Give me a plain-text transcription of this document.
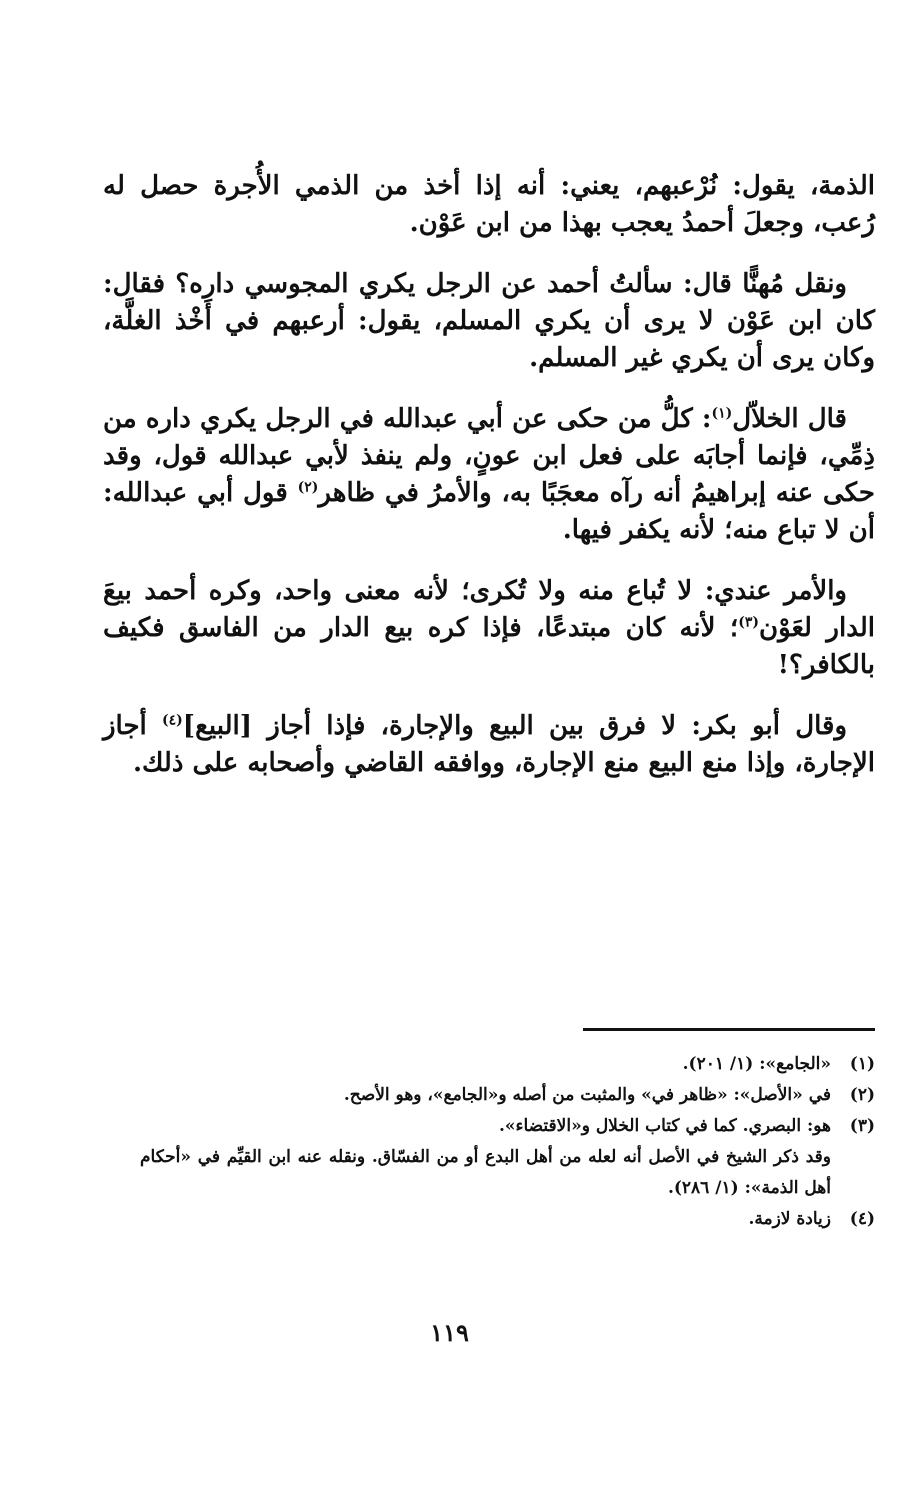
الذمة، يقول: نُرْعبهم، يعني: أنه إذا أخذ من الذمي الأُجرة حصل له رُعب، وجعلَ أحمدُ يعجب بهذا من ابن عَوْن.

ونقل مُهنًّا قال: سألتُ أحمد عن الرجل يكري المجوسي داره؟ فقال: كان ابن عَوْن لا يرى أن يكري المسلم، يقول: أرعبهم في أَخْذ الغلَّة، وكان يرى أن يكري غير المسلم.

قال الخلاّل$^{(١)}$: كلُّ من حكى عن أبي عبدالله في الرجل يكري داره من ذِمِّي، فإنما أجابَه على فعل ابن عونٍ، ولم ينفذ لأبي عبدالله قول، وقد حكى عنه إبراهيمُ أنه رآه معجَبًا به، والأمرُ في ظاهر$^{(٢)}$ قول أبي عبدالله: أن لا تباع منه؛ لأنه يكفر فيها.

والأمر عندي: لا تُباع منه ولا تُكرى؛ لأنه معنى واحد، وكره أحمد بيعَ الدار لعَوْن$^{(٣)}$؛ لأنه كان مبتدعًا، فإذا كره بيع الدار من الفاسق فكيف بالكافر؟!

وقال أبو بكر: لا فرق بين البيع والإجارة، فإذا أجاز [البيع]$^{(٤)}$ أجاز الإجارة، وإذا منع البيع منع الإجارة، ووافقه القاضي وأصحابه على ذلك.

(١)
«الجامع»: (١/ ٢٠١).
(٢)
في «الأصل»: «ظاهر في» والمثبت من أصله و«الجامع»، وهو الأصح.
(٣)
هو: البصري. كما في كتاب الخلال و«الاقتضاء».
وقد ذكر الشيخ في الأصل أنه لعله من أهل البدع أو من الفسّاق. ونقله عنه ابن القيِّم في «أحكام أهل الذمة»: (١/ ٢٨٦).
(٤)
زيادة لازمة.
١١٩
